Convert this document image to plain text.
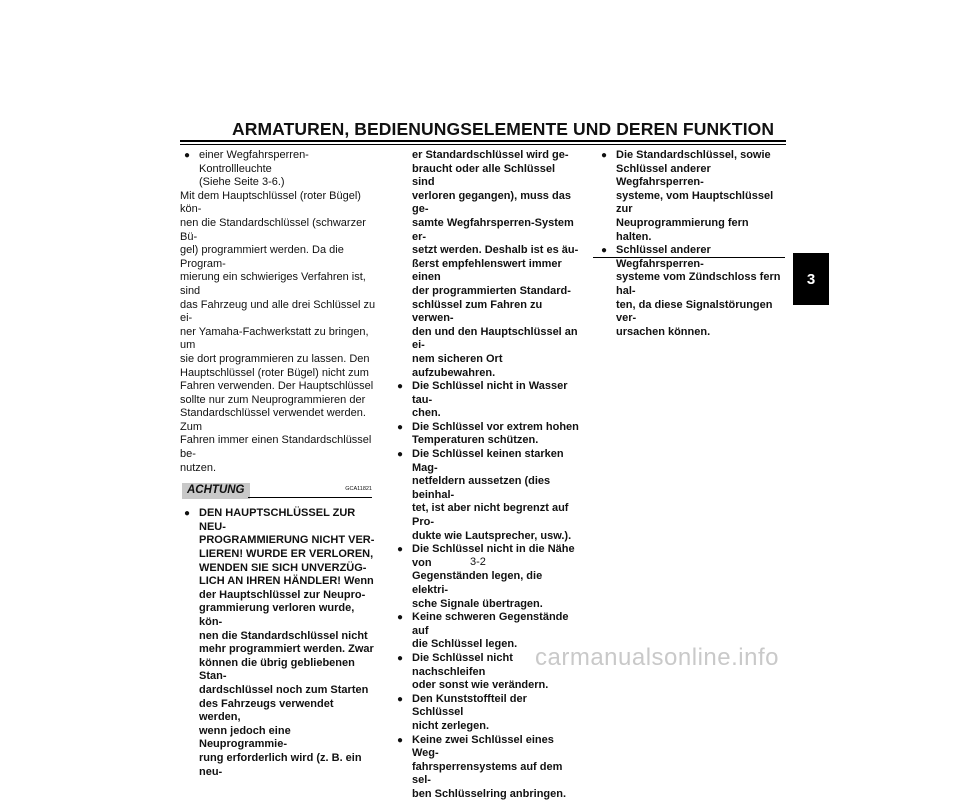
ARMATUREN, BEDIENUNGSELEMENTE UND DEREN FUNKTION
3
● einer Wegfahrsperren-Kontrollleuchte
(Siehe Seite 3-6.)
Mit dem Hauptschlüssel (roter Bügel) kön-
nen die Standardschlüssel (schwarzer Bü-
gel) programmiert werden. Da die Program-
mierung ein schwieriges Verfahren ist, sind
das Fahrzeug und alle drei Schlüssel zu ei-
ner Yamaha-Fachwerkstatt zu bringen, um
sie dort programmieren zu lassen. Den
Hauptschlüssel (roter Bügel) nicht zum
Fahren verwenden. Der Hauptschlüssel
sollte nur zum Neuprogrammieren der
Standardschlüssel verwendet werden. Zum
Fahren immer einen Standardschlüssel be-
nutzen.
ACHTUNG	GCA11821
● DEN HAUPTSCHLÜSSEL ZUR NEU-
PROGRAMMIERUNG NICHT VER-
LIEREN! WURDE ER VERLOREN,
WENDEN SIE SICH UNVERZÜG-
LICH AN IHREN HÄNDLER! Wenn
der Hauptschlüssel zur Neupro-
grammierung verloren wurde, kön-
nen die Standardschlüssel nicht
mehr programmiert werden. Zwar
können die übrig gebliebenen Stan-
dardschlüssel noch zum Starten
des Fahrzeugs verwendet werden,
wenn jedoch eine Neuprogrammie-
rung erforderlich wird (z. B. ein neu-
er Standardschlüssel wird ge-
braucht oder alle Schlüssel sind
verloren gegangen), muss das ge-
samte Wegfahrsperren-System er-
setzt werden. Deshalb ist es äu-
ßerst empfehlenswert immer einen
der programmierten Standard-
schlüssel zum Fahren zu verwen-
den und den Hauptschlüssel an ei-
nem sicheren Ort aufzubewahren.
● Die Schlüssel nicht in Wasser tau-
chen.
● Die Schlüssel vor extrem hohen
Temperaturen schützen.
● Die Schlüssel keinen starken Mag-
netfeldern aussetzen (dies beinhal-
tet, ist aber nicht begrenzt auf Pro-
dukte wie Lautsprecher, usw.).
● Die Schlüssel nicht in die Nähe von
Gegenständen legen, die elektri-
sche Signale übertragen.
● Keine schweren Gegenstände auf
die Schlüssel legen.
● Die Schlüssel nicht nachschleifen
oder sonst wie verändern.
● Den Kunststoffteil der Schlüssel
nicht zerlegen.
● Keine zwei Schlüssel eines Weg-
fahrsperrensystems auf dem sel-
ben Schlüsselring anbringen.
● Die Standardschlüssel, sowie
Schlüssel anderer Wegfahrsperren-
systeme, vom Hauptschlüssel zur
Neuprogrammierung fern halten.
● Schlüssel anderer Wegfahrsperren-
systeme vom Zündschloss fern hal-
ten, da diese Signalstörungen ver-
ursachen können.
3-2
carmanualsonline.info
